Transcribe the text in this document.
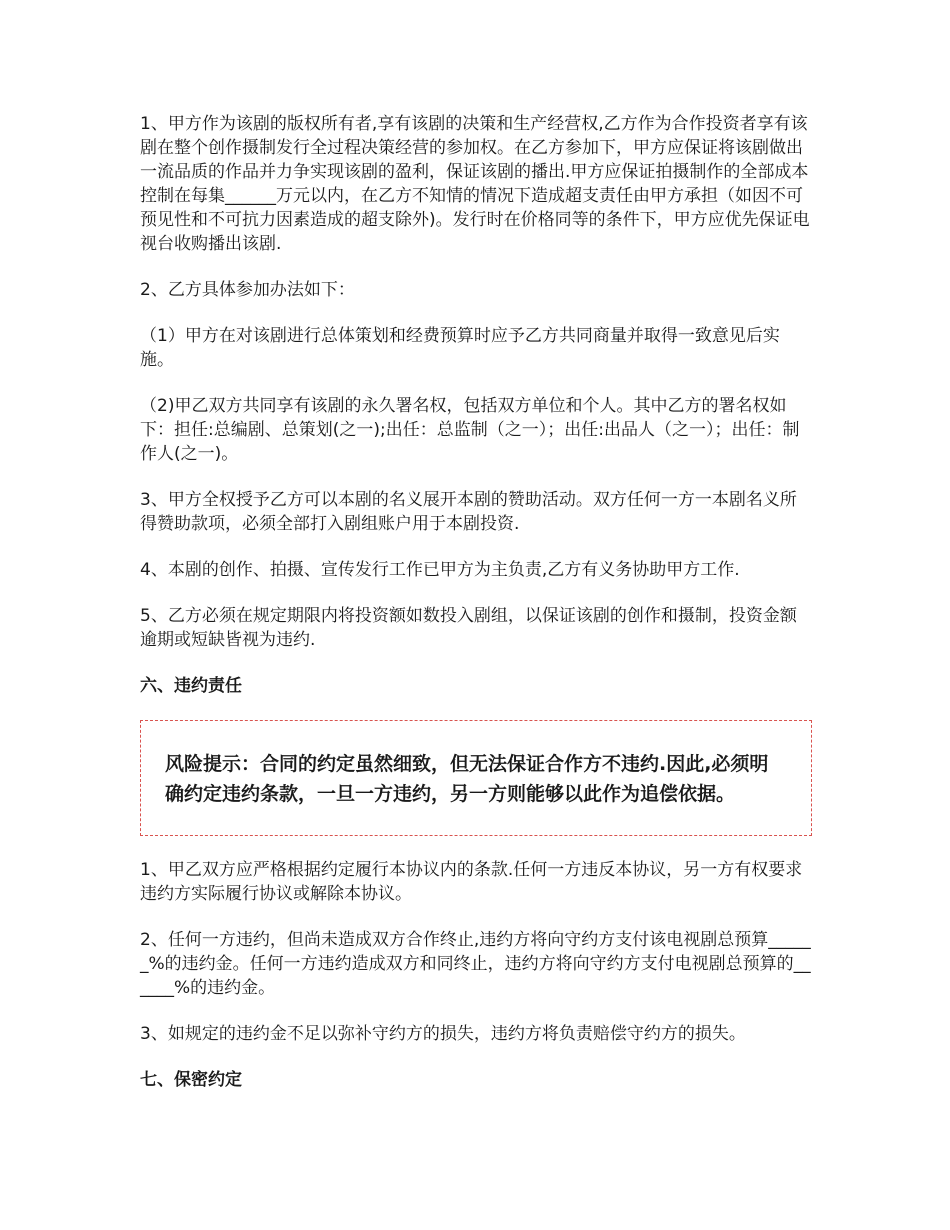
1、甲方作为该剧的版权所有者,享有该剧的决策和生产经营权,乙方作为合作投资者享有该剧在整个创作摄制发行全过程决策经营的参加权。在乙方参加下，甲方应保证将该剧做出一流品质的作品并力争实现该剧的盈利，保证该剧的播出.甲方应保证拍摄制作的全部成本控制在每集______万元以内，在乙方不知情的情况下造成超支责任由甲方承担（如因不可预见性和不可抗力因素造成的超支除外)。发行时在价格同等的条件下，甲方应优先保证电视台收购播出该剧.

2、乙方具体参加办法如下：

（1）甲方在对该剧进行总体策划和经费预算时应予乙方共同商量并取得一致意见后实施。

（2)甲乙双方共同享有该剧的永久署名权，包括双方单位和个人。其中乙方的署名权如下：担任:总编剧、总策划(之一);出任：总监制（之一）；出任:出品人（之一）；出任：制作人(之一)。

3、甲方全权授予乙方可以本剧的名义展开本剧的赞助活动。双方任何一方一本剧名义所得赞助款项，必须全部打入剧组账户用于本剧投资.

4、本剧的创作、拍摄、宣传发行工作已甲方为主负责,乙方有义务协助甲方工作.

5、乙方必须在规定期限内将投资额如数投入剧组，以保证该剧的创作和摄制，投资金额逾期或短缺皆视为违约.

六、违约责任

风险提示：合同的约定虽然细致，但无法保证合作方不违约.因此,必须明确约定违约条款，一旦一方违约，另一方则能够以此作为追偿依据。

1、甲乙双方应严格根据约定履行本协议内的条款.任何一方违反本协议，另一方有权要求违约方实际履行协议或解除本协议。

2、任何一方违约，但尚未造成双方合作终止,违约方将向守约方支付该电视剧总预算______%的违约金。任何一方违约造成双方和同终止，违约方将向守约方支付电视剧总预算的______%的违约金。

3、如规定的违约金不足以弥补守约方的损失，违约方将负责赔偿守约方的损失。

七、保密约定
